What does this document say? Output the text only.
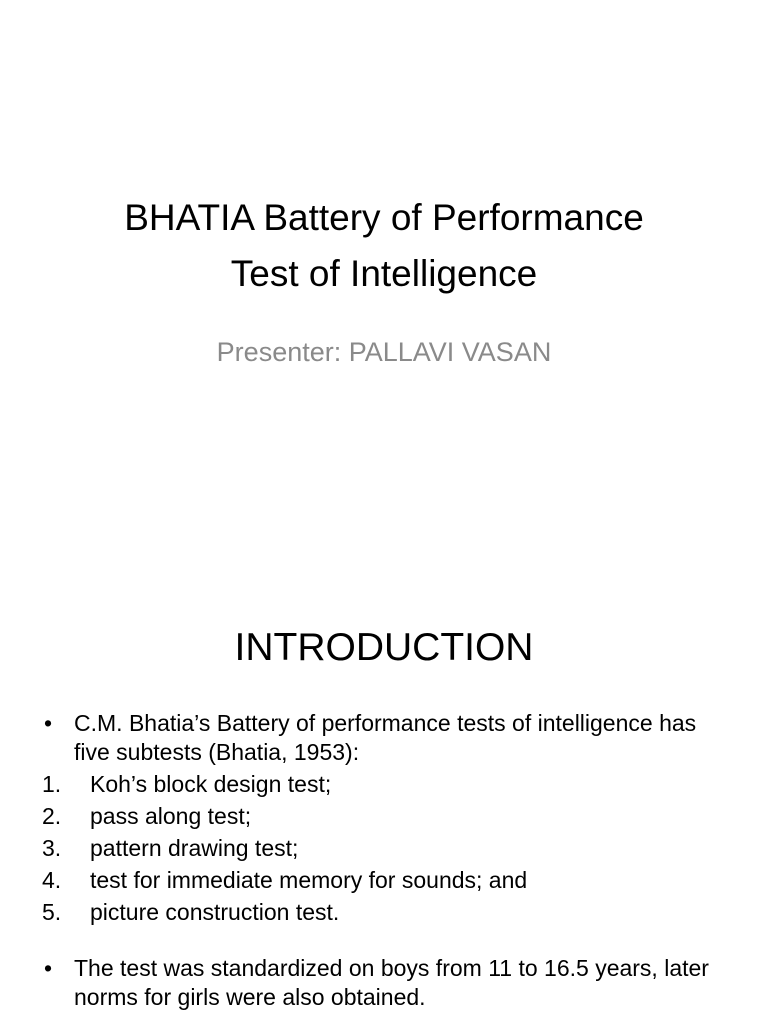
BHATIA Battery of Performance
Test of Intelligence

Presenter: PALLAVI VASAN

INTRODUCTION
• C.M. Bhatia’s Battery of performance tests of intelligence has five subtests (Bhatia, 1953):
1. Koh’s block design test;
2. pass along test;
3. pattern drawing test;
4. test for immediate memory for sounds; and
5. picture construction test.
• The test was standardized on boys from 11 to 16.5 years, later norms for girls were also obtained.
